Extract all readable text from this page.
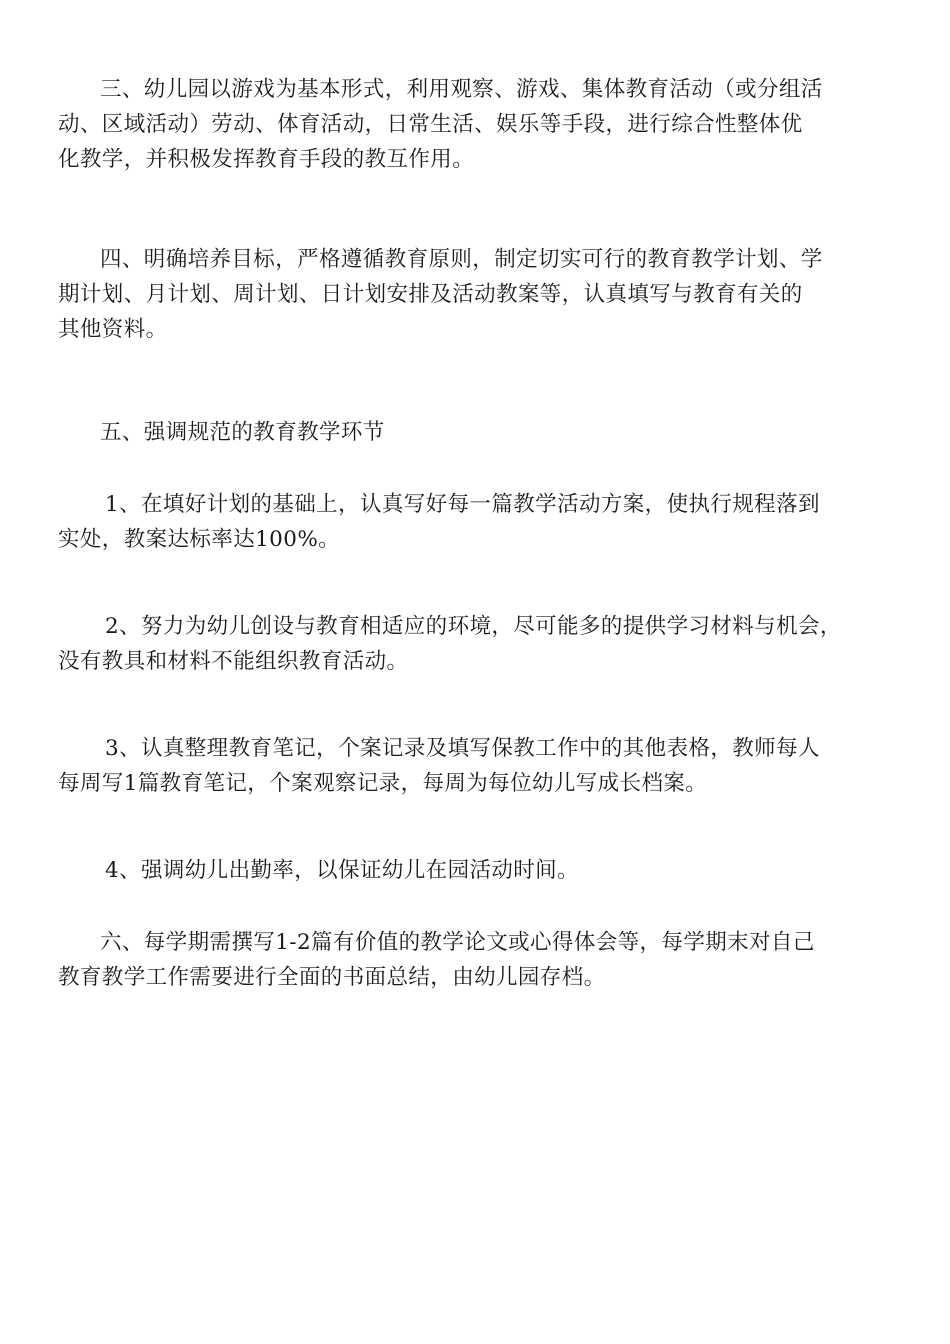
三、幼儿园以游戏为基本形式，利用观察、游戏、集体教育活动（或分组活
动、区域活动）劳动、体育活动，日常生活、娱乐等手段，进行综合性整体优
化教学，并积极发挥教育手段的教互作用。

四、明确培养目标，严格遵循教育原则，制定切实可行的教育教学计划、学
期计划、月计划、周计划、日计划安排及活动教案等，认真填写与教育有关的
其他资料。

五、强调规范的教育教学环节

1、在填好计划的基础上，认真写好每一篇教学活动方案，使执行规程落到
实处，教案达标率达100%。

2、努力为幼儿创设与教育相适应的环境，尽可能多的提供学习材料与机会，
没有教具和材料不能组织教育活动。

3、认真整理教育笔记，个案记录及填写保教工作中的其他表格，教师每人
每周写1篇教育笔记，个案观察记录，每周为每位幼儿写成长档案。

4、强调幼儿出勤率，以保证幼儿在园活动时间。

六、每学期需撰写1-2篇有价值的教学论文或心得体会等，每学期末对自己
教育教学工作需要进行全面的书面总结，由幼儿园存档。
